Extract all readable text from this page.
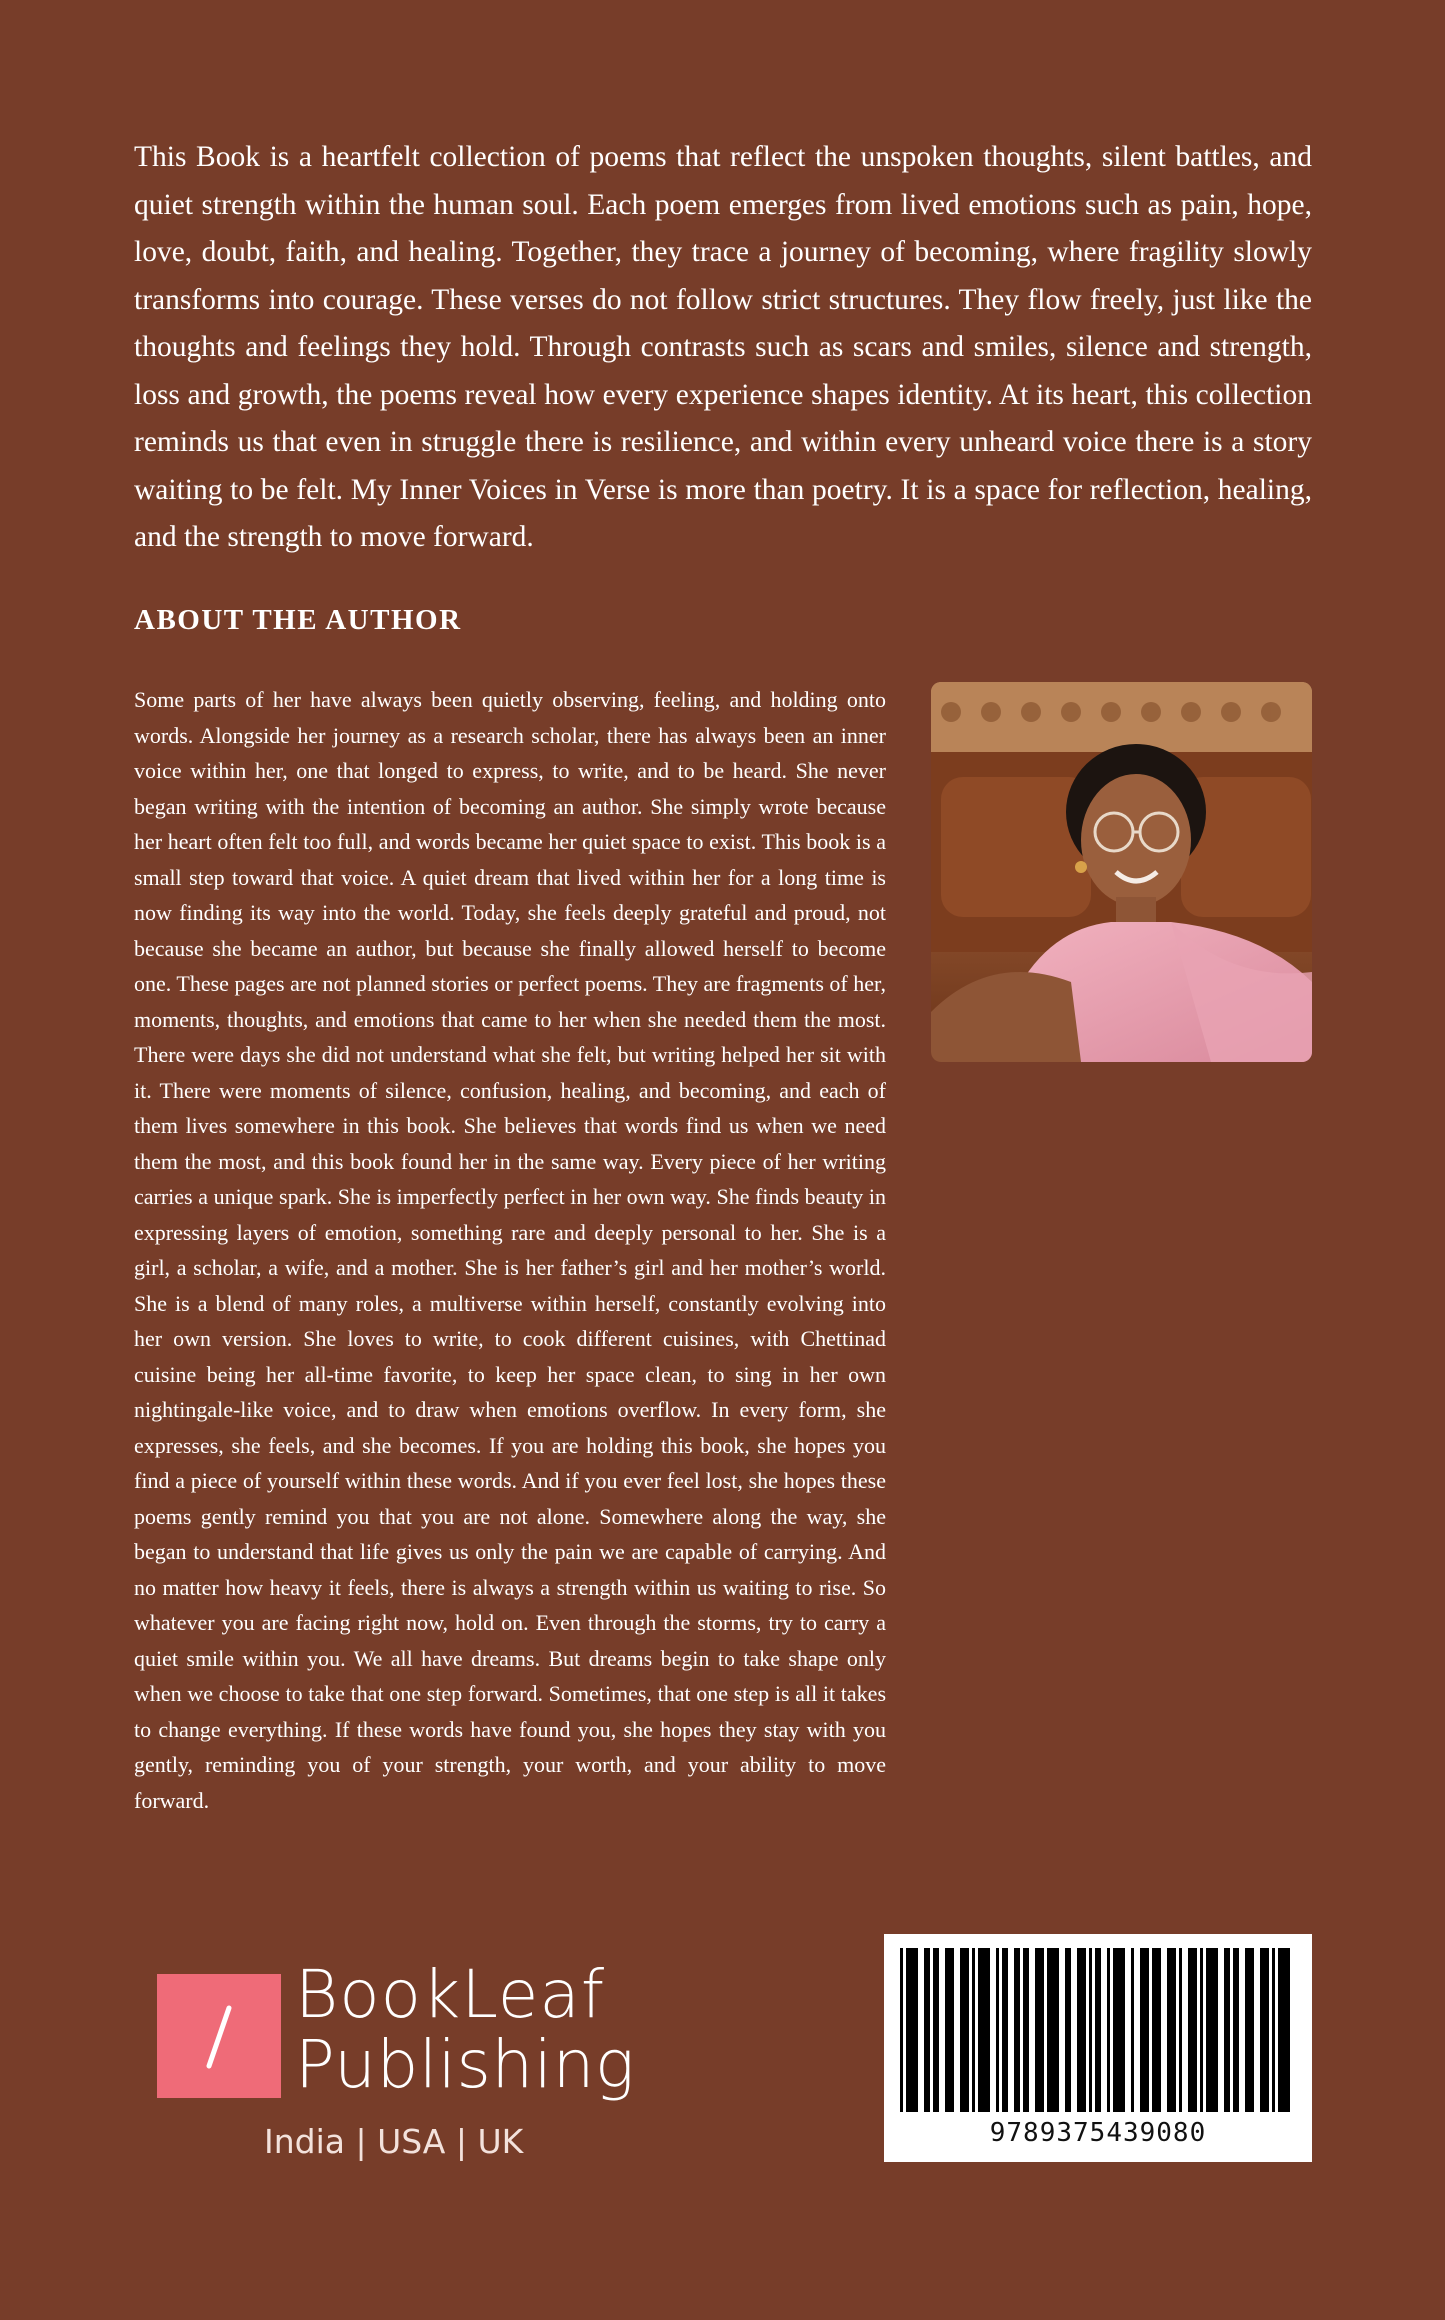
This Book is a heartfelt collection of poems that reflect the unspoken thoughts, silent battles, and quiet strength within the human soul. Each poem emerges from lived emotions such as pain, hope, love, doubt, faith, and healing. Together, they trace a journey of becoming, where fragility slowly transforms into courage. These verses do not follow strict structures. They flow freely, just like the thoughts and feelings they hold. Through contrasts such as scars and smiles, silence and strength, loss and growth, the poems reveal how every experience shapes identity. At its heart, this collection reminds us that even in struggle there is resilience, and within every unheard voice there is a story waiting to be felt. My Inner Voices in Verse is more than poetry. It is a space for reflection, healing, and the strength to move forward.

ABOUT THE AUTHOR

Some parts of her have always been quietly observing, feeling, and holding onto words. Alongside her journey as a research scholar, there has always been an inner voice within her, one that longed to express, to write, and to be heard. She never began writing with the intention of becoming an author. She simply wrote because her heart often felt too full, and words became her quiet space to exist. This book is a small step toward that voice. A quiet dream that lived within her for a long time is now finding its way into the world. Today, she feels deeply grateful and proud, not because she became an author, but because she finally allowed herself to become one. These pages are not planned stories or perfect poems. They are fragments of her, moments, thoughts, and emotions that came to her when she needed them the most. There were days she did not understand what she felt, but writing helped her sit with it. There were moments of silence, confusion, healing, and becoming, and each of them lives somewhere in this book. She believes that words find us when we need them the most, and this book found her in the same way. Every piece of her writing carries a unique spark. She is imperfectly perfect in her own way. She finds beauty in expressing layers of emotion, something rare and deeply personal to her. She is a girl, a scholar, a wife, and a mother. She is her father’s girl and her mother’s world. She is a blend of many roles, a multiverse within herself, constantly evolving into her own version. She loves to write, to cook different cuisines, with Chettinad cuisine being her all-time favorite, to keep her space clean, to sing in her own nightingale-like voice, and to draw when emotions overflow. In every form, she expresses, she feels, and she becomes. If you are holding this book, she hopes you find a piece of yourself within these words. And if you ever feel lost, she hopes these poems gently remind you that you are not alone. Somewhere along the way, she began to understand that life gives us only the pain we are capable of carrying. And no matter how heavy it feels, there is always a strength within us waiting to rise. So whatever you are facing right now, hold on. Even through the storms, try to carry a quiet smile within you. We all have dreams. But dreams begin to take shape only when we choose to take that one step forward. Sometimes, that one step is all it takes to change everything. If these words have found you, she hopes they stay with you gently, reminding you of your strength, your worth, and your ability to move forward.

BookLeaf
Publishing
India | USA | UK	9789375439080
